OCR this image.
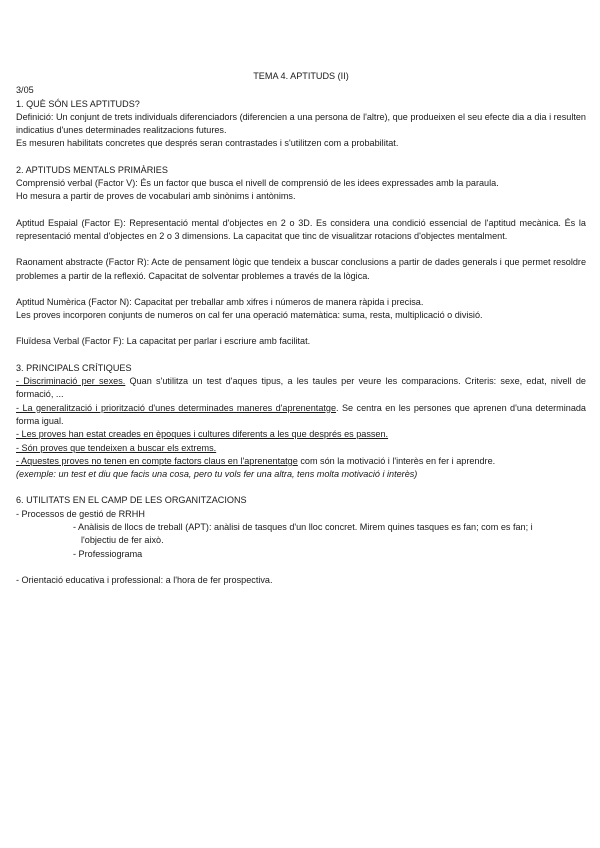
TEMA 4. APTITUDS (II)

3/05

1. QUÈ SÓN LES APTITUDS?

Definició: Un conjunt de trets individuals diferenciadors (diferencien a una persona de l'altre), que produeixen el seu efecte dia a dia i resulten indicatius d'unes determinades realitzacions futures.

Es mesuren habilitats concretes que després seran contrastades i s'utilitzen com a probabilitat.

2. APTITUDS MENTALS PRIMÀRIES

Comprensió verbal (Factor V): És un factor que busca el nivell de comprensió de les idees expressades amb la paraula.

Ho mesura a partir de proves de vocabulari amb sinònims i antònims.

Aptitud Espaial (Factor E): Representació mental d'objectes en 2 o 3D. Es considera una condició essencial de l'aptitud mecànica. És la representació mental d'objectes en 2 o 3 dimensions. La capacitat que tinc de visualitzar rotacions d'objectes mentalment.

Raonament abstracte (Factor R): Acte de pensament lògic que tendeix a buscar conclusions a partir de dades generals i que permet resoldre problemes a partir de la reflexió. Capacitat de solventar problemes a través de la lògica.

Aptitud Numèrica (Factor N): Capacitat per treballar amb xifres i números de manera ràpida i precisa.

Les proves incorporen conjunts de numeros on cal fer una operació matemàtica: suma, resta, multiplicació o divisió.

Fluïdesa Verbal (Factor F): La capacitat per parlar i escriure amb facilitat.

3. PRINCIPALS CRÍTIQUES

- Discriminació per sexes. Quan s'utilitza un test d'aques tipus, a les taules per veure les comparacions. Criteris: sexe, edat, nivell de formació, ...

- La generalització i priorització d'unes determinades maneres d'aprenentatge. Se centra en les persones que aprenen d'una determinada forma igual.

- Les proves han estat creades en èpoques i cultures diferents a les que després es passen.

- Són proves que tendeixen a buscar els extrems.

- Aquestes proves no tenen en compte factors claus en l'aprenentatge com són la motivació i l'interès en fer i aprendre.

(exemple: un test et diu que facis una cosa, pero tu vols fer una altra, tens molta motivació i interès)

6. UTILITATS EN EL CAMP DE LES ORGANITZACIONS

- Processos de gestió de RRHH

- Anàlisis de llocs de treball (APT): anàlisi de tasques d'un lloc concret. Mirem quines tasques es fan; com es fan; i

l'objectiu de fer això.

- Professiograma

- Orientació educativa i professional: a l'hora de fer prospectiva.
